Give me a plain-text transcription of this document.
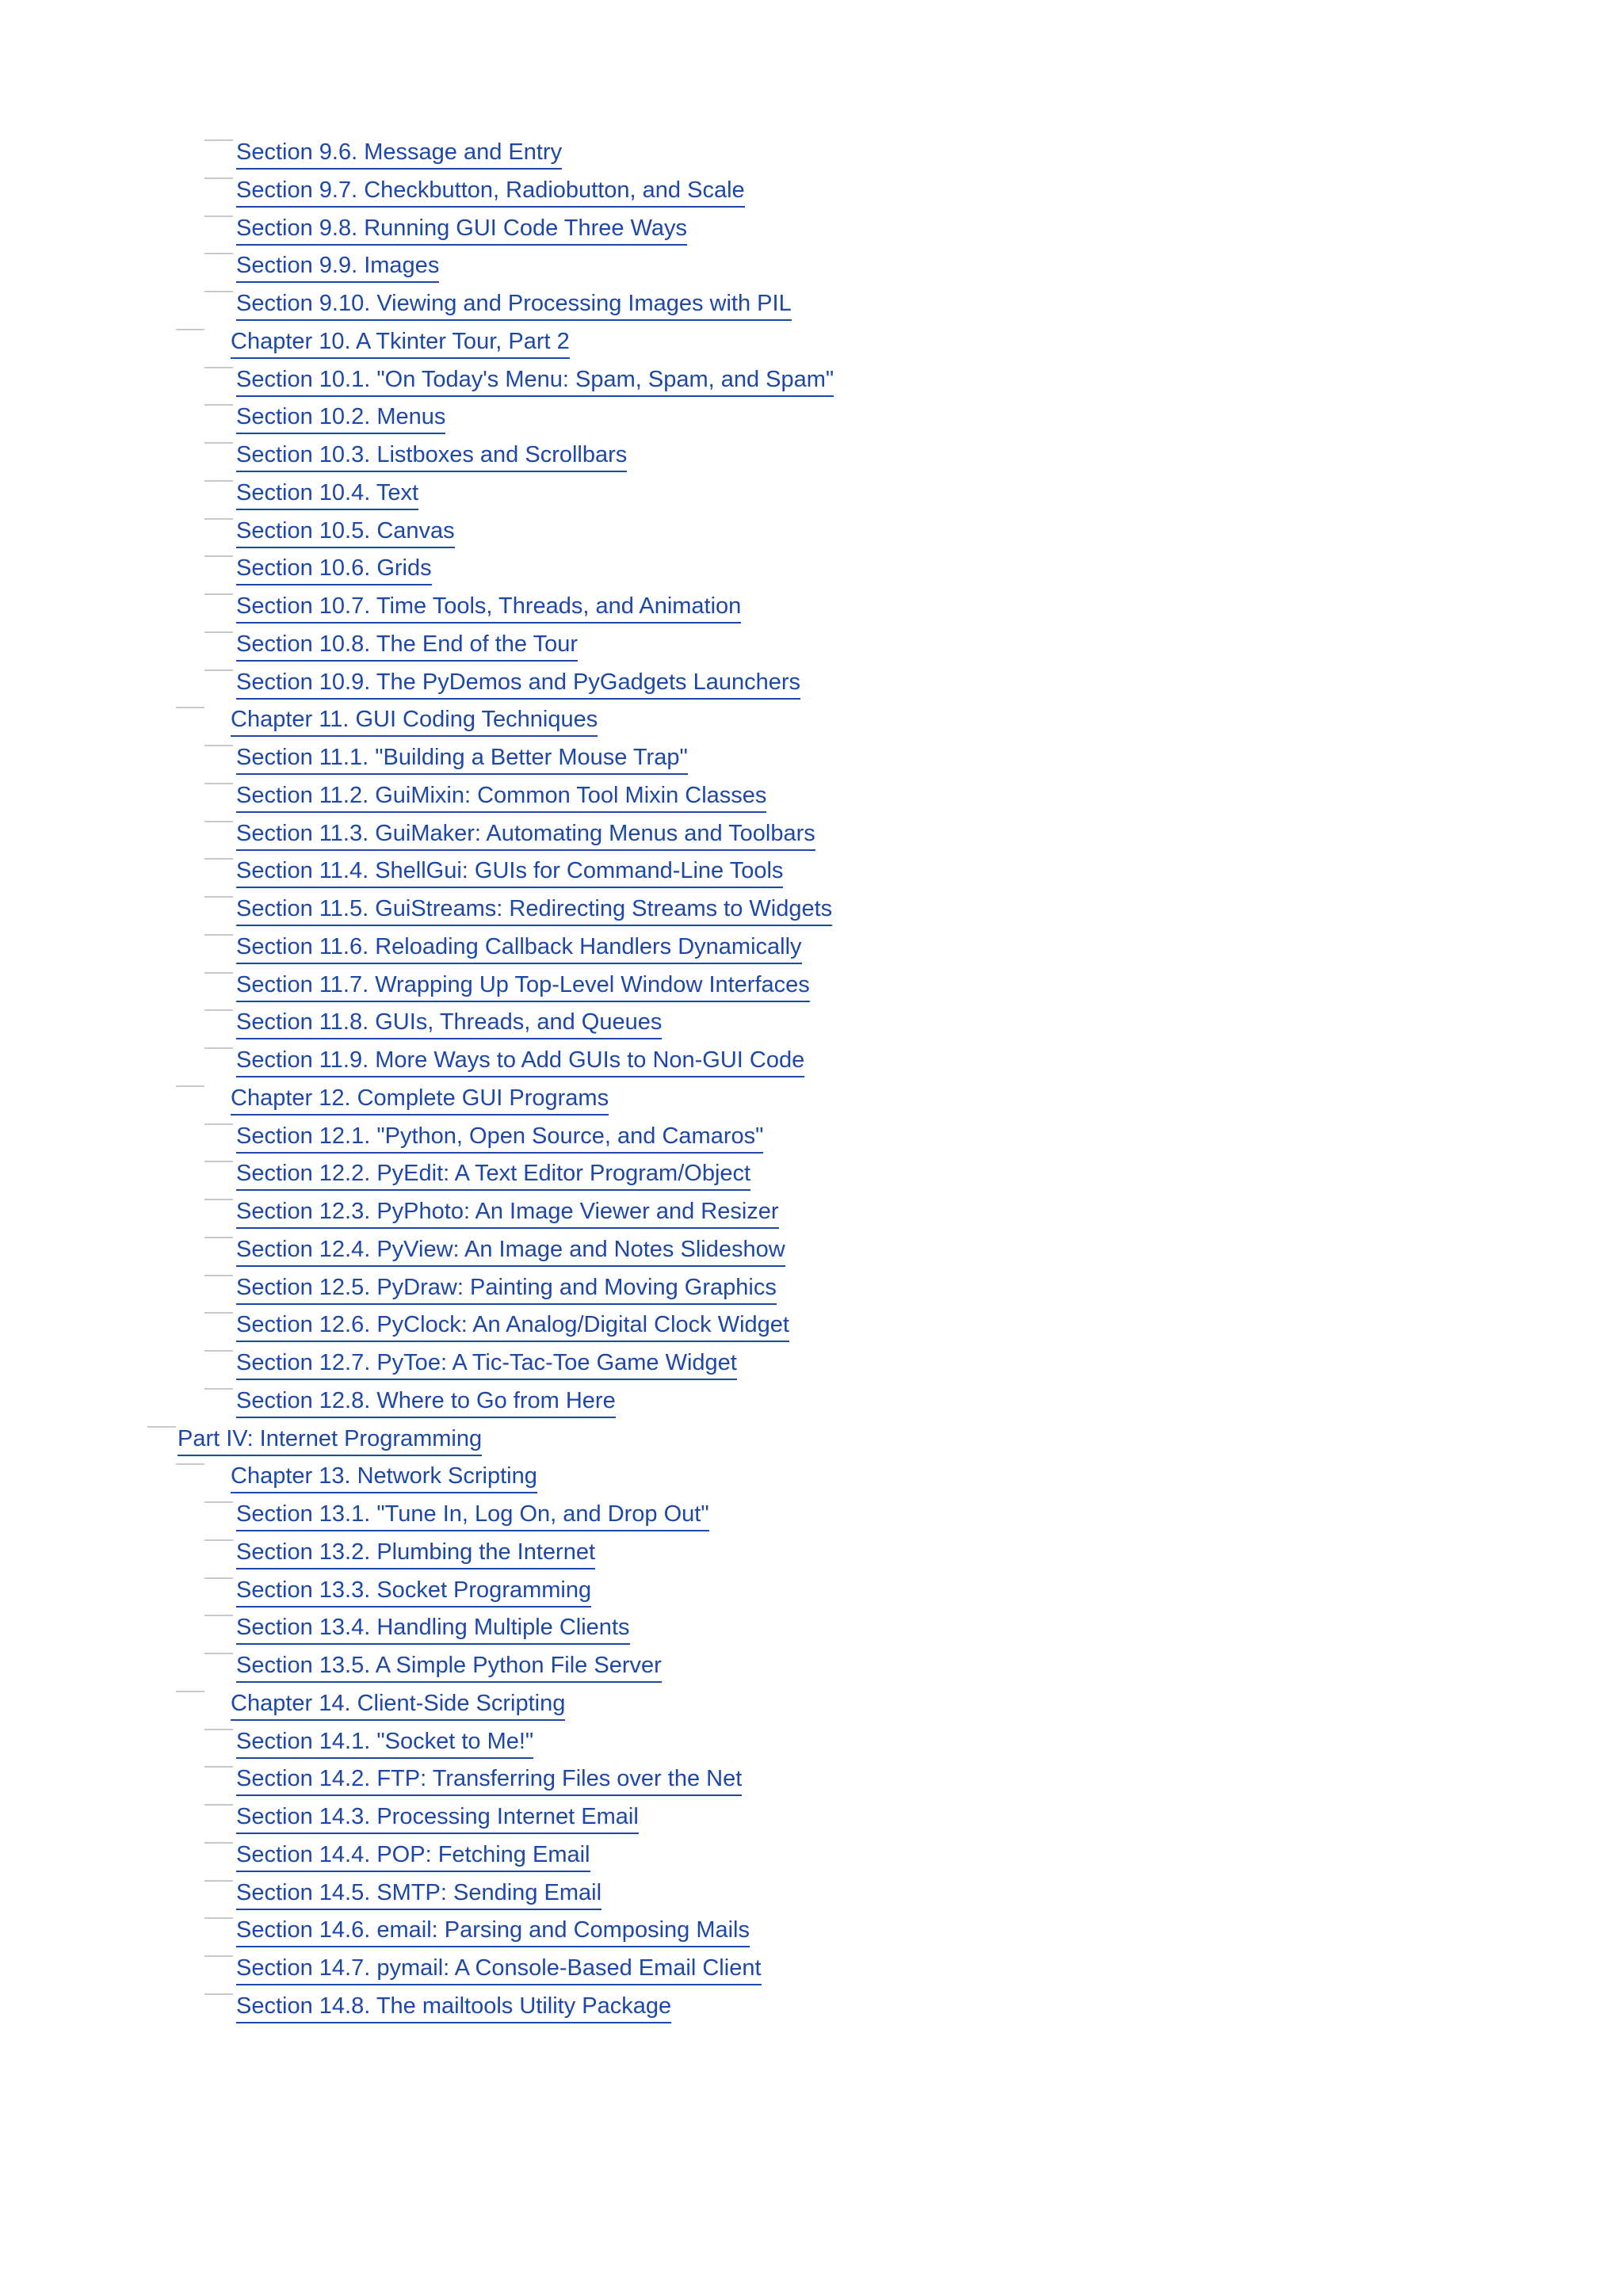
Section 9.6. Message and Entry
Section 9.7. Checkbutton, Radiobutton, and Scale
Section 9.8. Running GUI Code Three Ways
Section 9.9. Images
Section 9.10. Viewing and Processing Images with PIL
Chapter 10. A Tkinter Tour, Part 2
Section 10.1. "On Today's Menu: Spam, Spam, and Spam"
Section 10.2. Menus
Section 10.3. Listboxes and Scrollbars
Section 10.4. Text
Section 10.5. Canvas
Section 10.6. Grids
Section 10.7. Time Tools, Threads, and Animation
Section 10.8. The End of the Tour
Section 10.9. The PyDemos and PyGadgets Launchers
Chapter 11. GUI Coding Techniques
Section 11.1. "Building a Better Mouse Trap"
Section 11.2. GuiMixin: Common Tool Mixin Classes
Section 11.3. GuiMaker: Automating Menus and Toolbars
Section 11.4. ShellGui: GUIs for Command-Line Tools
Section 11.5. GuiStreams: Redirecting Streams to Widgets
Section 11.6. Reloading Callback Handlers Dynamically
Section 11.7. Wrapping Up Top-Level Window Interfaces
Section 11.8. GUIs, Threads, and Queues
Section 11.9. More Ways to Add GUIs to Non-GUI Code
Chapter 12. Complete GUI Programs
Section 12.1. "Python, Open Source, and Camaros"
Section 12.2. PyEdit: A Text Editor Program/Object
Section 12.3. PyPhoto: An Image Viewer and Resizer
Section 12.4. PyView: An Image and Notes Slideshow
Section 12.5. PyDraw: Painting and Moving Graphics
Section 12.6. PyClock: An Analog/Digital Clock Widget
Section 12.7. PyToe: A Tic-Tac-Toe Game Widget
Section 12.8. Where to Go from Here
Part IV: Internet Programming
Chapter 13. Network Scripting
Section 13.1. "Tune In, Log On, and Drop Out"
Section 13.2. Plumbing the Internet
Section 13.3. Socket Programming
Section 13.4. Handling Multiple Clients
Section 13.5. A Simple Python File Server
Chapter 14. Client-Side Scripting
Section 14.1. "Socket to Me!"
Section 14.2. FTP: Transferring Files over the Net
Section 14.3. Processing Internet Email
Section 14.4. POP: Fetching Email
Section 14.5. SMTP: Sending Email
Section 14.6. email: Parsing and Composing Mails
Section 14.7. pymail: A Console-Based Email Client
Section 14.8. The mailtools Utility Package
